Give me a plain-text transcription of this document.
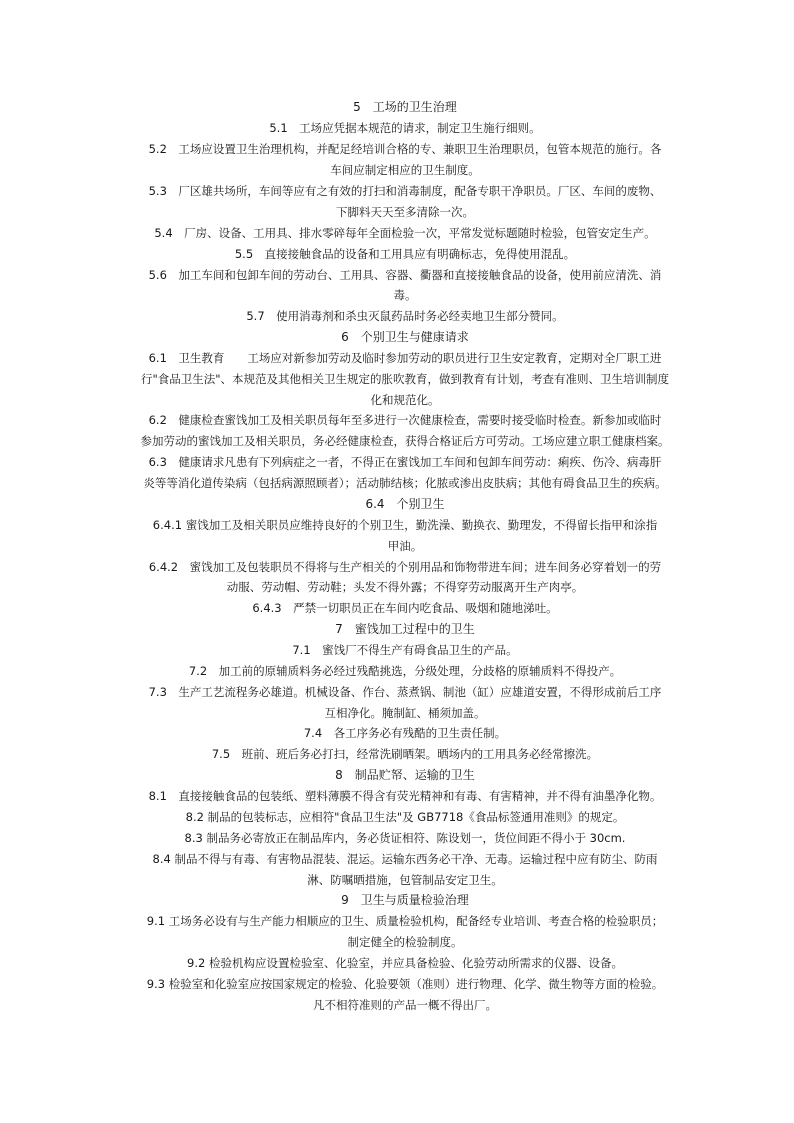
5　工场的卫生治理
5.1　工场应凭据本规范的请求，制定卫生施行细则。
5.2　工场应设置卫生治理机构，并配足经培训合格的专、兼职卫生治理职员，包管本规范的施行。各
车间应制定相应的卫生制度。
5.3　厂区雄共场所，车间等应有之有效的打扫和消毒制度，配备专职干净职员。厂区、车间的废物、
下脚料天天至多清除一次。
5.4　厂房、设备、工用具、排水零碎每年全面检验一次，平常发觉标题随时检验，包管安定生产。
5.5　直接接触食品的设备和工用具应有明确标志，免得使用混乱。
5.6　加工车间和包卸车间的劳动台、工用具、容器、衢器和直接接触食品的设备，使用前应清洗、消
毒。
5.7　使用消毒剂和杀虫灭鼠药品时务必经卖地卫生部分赞同。
6　个别卫生与健康请求
6.1　卫生教育　　工场应对新参加劳动及临时参加劳动的职员进行卫生安定教育，定期对全厂职工进
行"食品卫生法"、本规范及其他相关卫生规定的胀吹教育，做到教育有计划，考查有准则、卫生培训制度
化和规范化。
6.2　健康检查蜜饯加工及相关职员每年至多进行一次健康检查，需要时接受临时检查。新参加或临时
参加劳动的蜜饯加工及相关职员，务必经健康检查，获得合格证后方可劳动。工场应建立职工健康档案。
6.3　健康请求凡患有下列病症之一者，不得正在蜜饯加工车间和包卸车间劳动：痢疾、伤冷、病毒肝
炎等等消化道传染病（包括病源照顾者）；活动肺结核；化脓或渗出皮肤病；其他有碍食品卫生的疾病。
6.4　个别卫生
6.4.1 蜜饯加工及相关职员应维持良好的个别卫生，勤洗澡、勤换衣、勤理发，不得留长指甲和涂指
甲油。
6.4.2　蜜饯加工及包装职员不得将与生产相关的个别用品和饰物带进车间；进车间务必穿着划一的劳
动服、劳动帽、劳动鞋；头发不得外露；不得穿劳动服离开生产肉亭。
6.4.3　严禁一切职员正在车间内吃食品、吸烟和随地涕吐。
7　蜜饯加工过程中的卫生
7.1　蜜饯厂不得生产有碍食品卫生的产品。
7.2　加工前的原辅质料务必经过残酷挑选，分级处理，分歧格的原辅质料不得投产。
7.3　生产工艺流程务必雄道。机械设备、作台、蒸煮锅、制池（缸）应雄道安置，不得形成前后工序
互相净化。腌制缸、桶须加盖。
7.4　各工序务必有残酷的卫生责任制。
7.5　班前、班后务必打扫，经常洗刷晒架。晒场内的工用具务必经常擦洗。
8　制品贮帑、运输的卫生
8.1　直接接触食品的包装纸、塑料薄膜不得含有荧光精神和有毒、有害精神，并不得有油墨净化物。
8.2 制品的包装标志，应相符"食品卫生法"及 GB7718《食品标签通用准则》的规定。
8.3 制品务必寄放正在制品库内，务必货证相符、陈设划一，货位间距不得小于 30cm.
8.4 制品不得与有毒、有害物品混装、混运。运输东西务必干净、无毒。运输过程中应有防尘、防雨
淋、防嘱晒措施，包管制品安定卫生。
9　卫生与质量检验治理
9.1 工场务必设有与生产能力相顺应的卫生、质量检验机构，配备经专业培训、考查合格的检验职员；
制定健全的检验制度。
9.2 检验机构应设置检验室、化验室，并应具备检验、化验劳动所需求的仪器、设备。
9.3 检验室和化验室应按国家规定的检验、化验要领（准则）进行物理、化学、微生物等方面的检验。
凡不相符准则的产品一概不得出厂。
